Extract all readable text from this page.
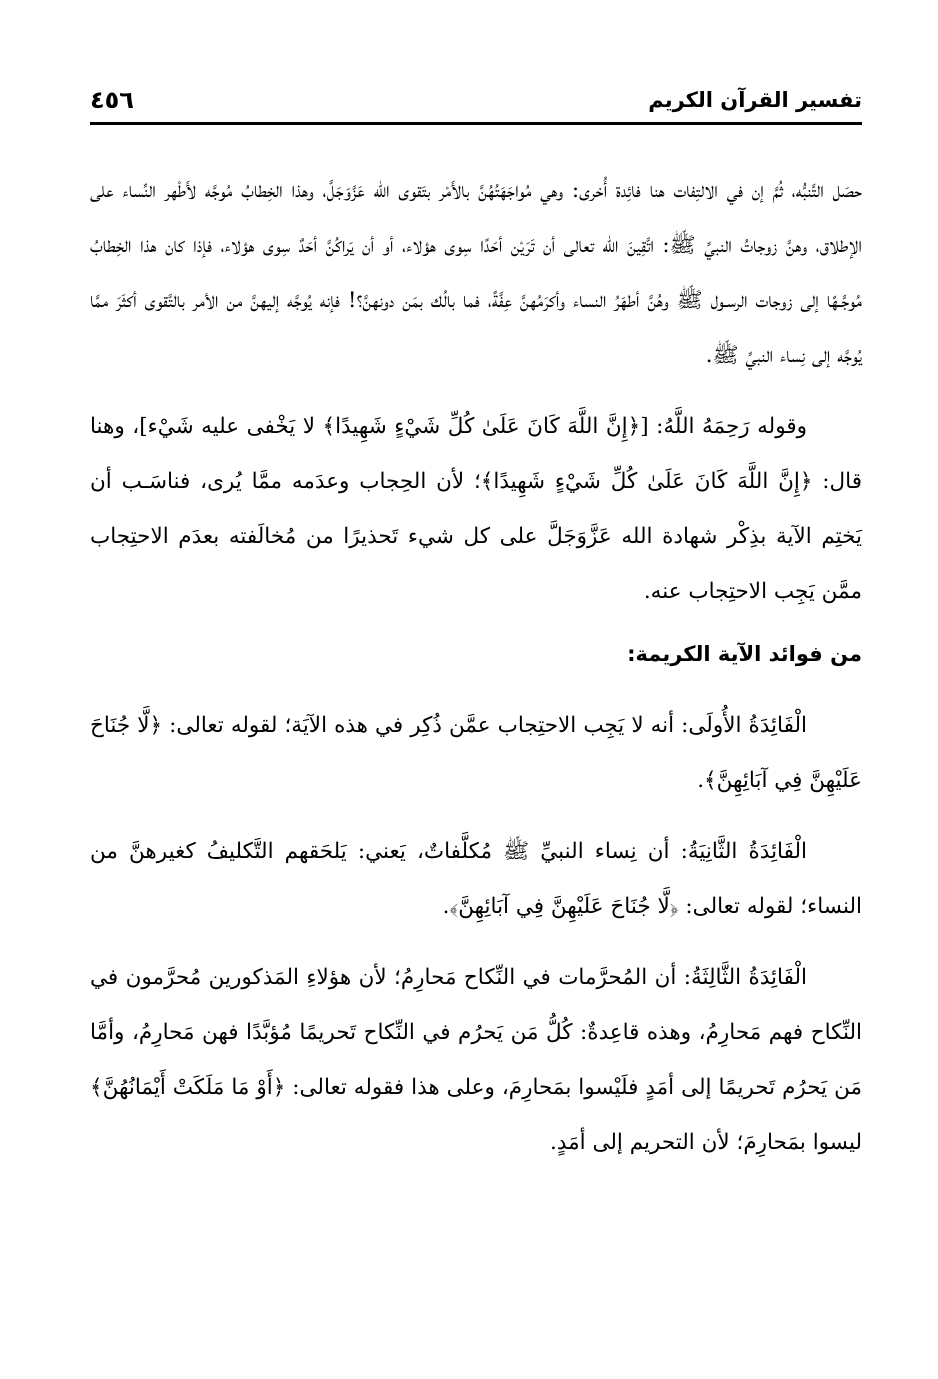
٤٥٦	تفسير القرآن الكريم

حصَل التَّنبُّه، ثُمَّ إن في الالتِفات هنا فائِدة أُخرى: وهي مُواجَهَتُهُنَّ بالأَمْر بتَقوى الله عَزَّوَجَلَّ، وهذا الخِطابُ مُوجَّه لأَطْهر النِّساء على الإطلاق، وهنَّ زوجاتُ النبيِّ ﷺ: اتَّقِينَ الله تعالى أن تَرَيْن أحَدًا سِوى هؤلاء، أو أن يَراكُنَّ أحَدٌ سِوى هؤلاء، فإذا كان هذا الخِطابُ مُوجَّـهًا إلى زوجات الرسـول ﷺ وهُنَّ أطهَرُ النساء وأكرَمُهنَّ عِفَّةً، فما بالُك بمَن دونهنَّ؟! فإنه يُوجَّه إليهنَّ من الأمر بالتَّقوى أكثَرَ ممَّا يُوجَّه إلى نِساء النبيِّ ﷺ.

وقوله رَحِمَهُ اللَّهُ: [﴿إِنَّ اللَّهَ كَانَ عَلَىٰ كُلِّ شَيْءٍ شَهِيدًا﴾ لا يَخْفى عليه شَيْء]، وهنا قال: ﴿إِنَّ اللَّهَ كَانَ عَلَىٰ كُلِّ شَيْءٍ شَهِيدًا﴾؛ لأن الحِجاب وعدَمه ممَّا يُرى، فناسَـب أن يَختِم الآية بذِكْر شهادة الله عَزَّوَجَلَّ على كل شيء تَحذيرًا من مُخالَفته بعدَم الاحتِجاب ممَّن يَجِب الاحتِجاب عنه.

من فوائد الآية الكريمة:

الْفَائِدَةُ الأُولَى: أنه لا يَجِب الاحتِجاب عمَّن ذُكِر في هذه الآيَة؛ لقوله تعالى: ﴿لَّا جُنَاحَ عَلَيْهِنَّ فِي آبَائِهِنَّ﴾.

الْفَائِدَةُ الثَّانِيَةُ: أن نِساء النبيِّ ﷺ مُكلَّفاتٌ، يَعني: يَلحَقهم التَّكليفُ كغيرهنَّ من النساء؛ لقوله تعالى: ﴿لَّا جُنَاحَ عَلَيْهِنَّ فِي آبَائِهِنَّ﴾.

الْفَائِدَةُ الثَّالِثَةُ: أن المُحرَّمات في النِّكاح مَحارِمُ؛ لأن هؤلاءِ المَذكورين مُحرَّمون في النِّكاح فهم مَحارِمُ، وهذه قاعِدةٌ: كُلُّ مَن يَحرُم في النِّكاح تَحريمًا مُؤبَّدًا فهن مَحارِمُ، وأمَّا مَن يَحرُم تَحريمًا إلى أمَدٍ فلَيْسوا بمَحارِمَ، وعلى هذا فقوله تعالى: ﴿أَوْ مَا مَلَكَتْ أَيْمَانُهُنَّ﴾ ليسوا بمَحارِمَ؛ لأن التحريم إلى أمَدٍ.
